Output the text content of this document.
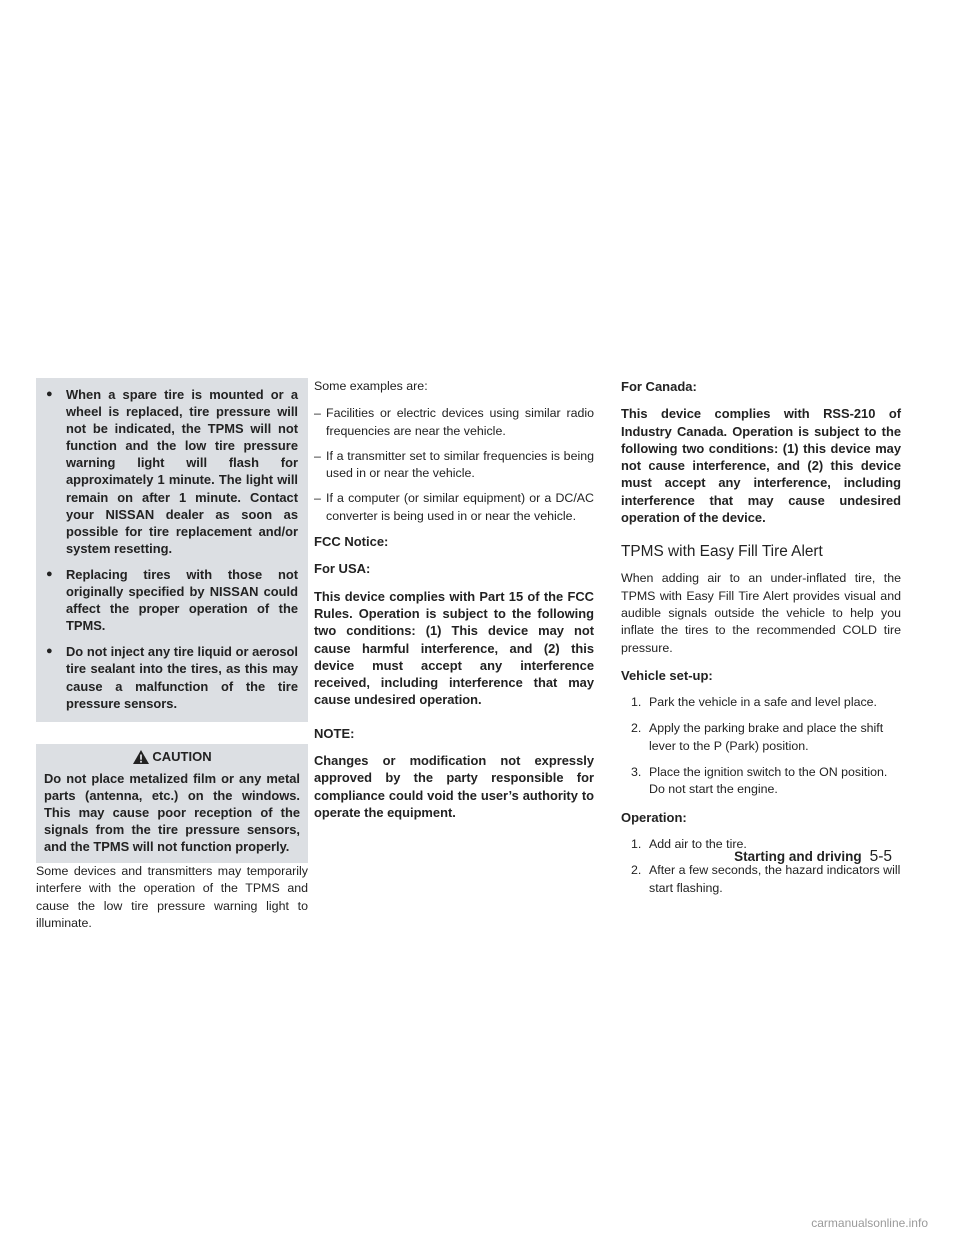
● When a spare tire is mounted or a wheel is replaced, tire pressure will not be indicated, the TPMS will not function and the low tire pressure warning light will flash for approximately 1 minute. The light will remain on after 1 minute. Contact your NISSAN dealer as soon as possible for tire replacement and/or system resetting.
● Replacing tires with those not originally specified by NISSAN could affect the proper operation of the TPMS.
● Do not inject any tire liquid or aerosol tire sealant into the tires, as this may cause a malfunction of the tire pressure sensors.
CAUTION
Do not place metalized film or any metal parts (antenna, etc.) on the windows. This may cause poor reception of the signals from the tire pressure sensors, and the TPMS will not function properly.

Some devices and transmitters may temporarily interfere with the operation of the TPMS and cause the low tire pressure warning light to illuminate.

Some examples are:

– Facilities or electric devices using similar radio frequencies are near the vehicle.
– If a transmitter set to similar frequencies is being used in or near the vehicle.
– If a computer (or similar equipment) or a DC/AC converter is being used in or near the vehicle.

FCC Notice:

For USA:

This device complies with Part 15 of the FCC Rules. Operation is subject to the following two conditions: (1) This device may not cause harmful interference, and (2) this device must accept any interference received, including interference that may cause undesired operation.

NOTE:

Changes or modification not expressly approved by the party responsible for compliance could void the user’s authority to operate the equipment.

For Canada:

This device complies with RSS-210 of Industry Canada. Operation is subject to the following two conditions: (1) this device may not cause interference, and (2) this device must accept any interference, including interference that may cause undesired operation of the device.

TPMS with Easy Fill Tire Alert

When adding air to an under-inflated tire, the TPMS with Easy Fill Tire Alert provides visual and audible signals outside the vehicle to help you inflate the tires to the recommended COLD tire pressure.

Vehicle set-up:

1. Park the vehicle in a safe and level place.
2. Apply the parking brake and place the shift lever to the P (Park) position.
3. Place the ignition switch to the ON position. Do not start the engine.

Operation:

1. Add air to the tire.
2. After a few seconds, the hazard indicators will start flashing.
Starting and driving 5-5
carmanualsonline.info
